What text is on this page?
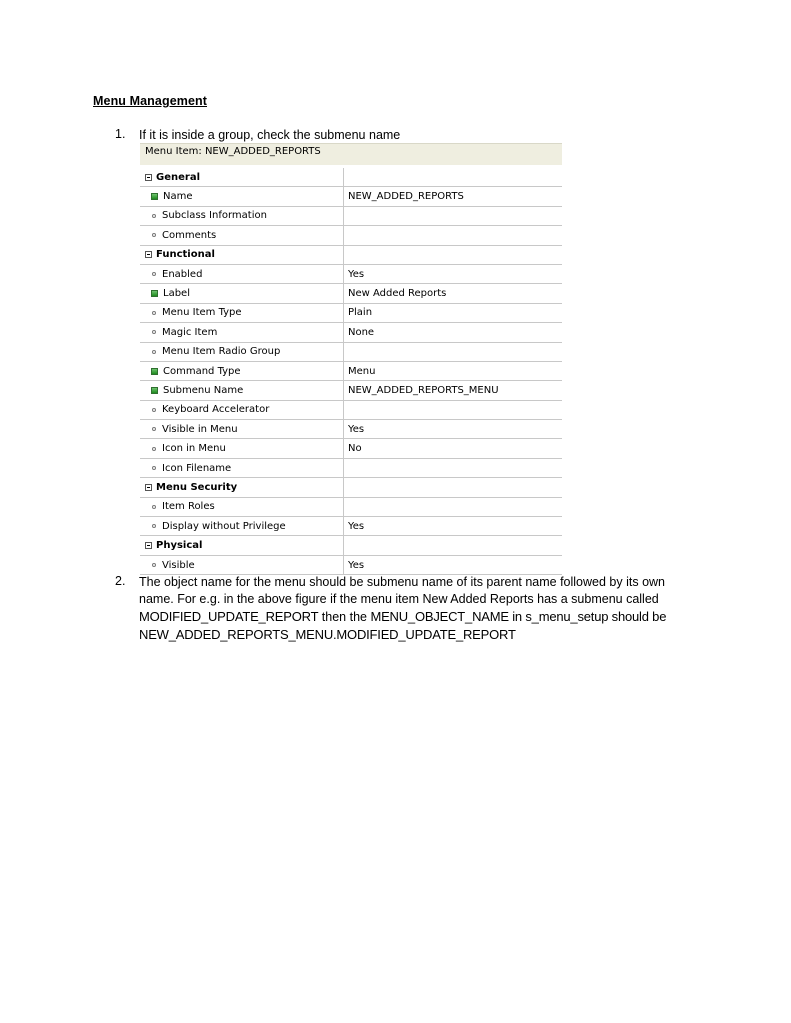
Menu Management
1. If it is inside a group, check the submenu name
Menu Item: NEW_ADDED_REPORTS
General
Name	NEW_ADDED_REPORTS
Subclass Information
Comments
Functional
Enabled	Yes
Label	New Added Reports
Menu Item Type	Plain
Magic Item	None
Menu Item Radio Group
Command Type	Menu
Submenu Name	NEW_ADDED_REPORTS_MENU
Keyboard Accelerator
Visible in Menu	Yes
Icon in Menu	No
Icon Filename
Menu Security
Item Roles
Display without Privilege	Yes
Physical
Visible	Yes
2. The object name for the menu should be submenu name of its parent name followed by its own
name. For e.g. in the above figure if the menu item New Added Reports has a submenu called
MODIFIED_UPDATE_REPORT then the MENU_OBJECT_NAME in s_menu_setup should be
NEW_ADDED_REPORTS_MENU.MODIFIED_UPDATE_REPORT
